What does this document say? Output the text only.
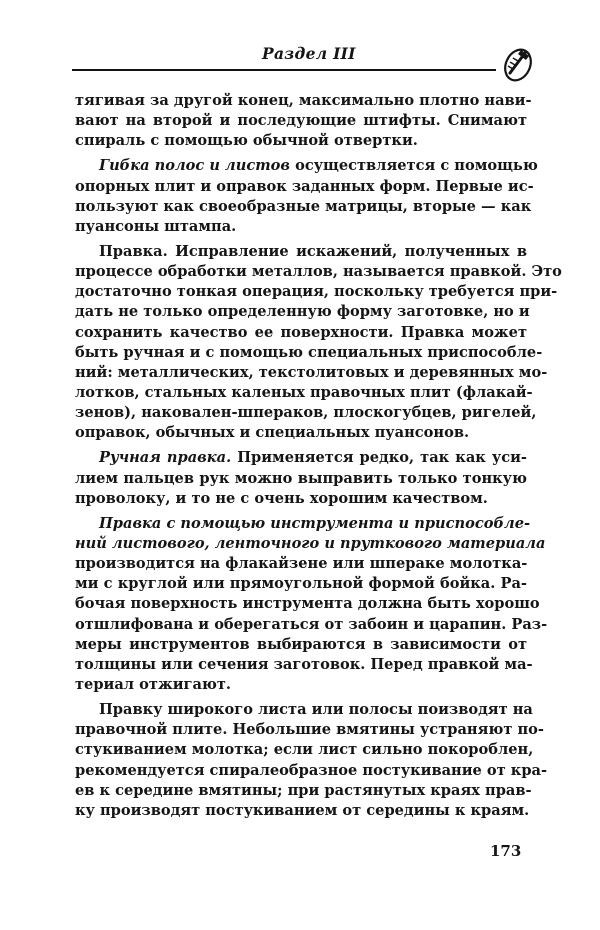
Раздел III
тягивая за другой конец, максимально плотно нави-
вают на второй и последующие штифты. Снимают
спираль с помощью обычной отвертки.
Гибка полос и листов осуществляется с помощью
опорных плит и оправок заданных форм. Первые ис-
пользуют как своеобразные матрицы, вторые — как
пуансоны штампа.
Правка. Исправление искажений, полученных в
процессе обработки металлов, называется правкой. Это
достаточно тонкая операция, поскольку требуется при-
дать не только определенную форму заготовке, но и
сохранить качество ее поверхности. Правка может
быть ручная и с помощью специальных приспособле-
ний: металлических, текстолитовых и деревянных мо-
лотков, стальных каленых правочных плит (флакай-
зенов), наковален-шпераков, плоскогубцев, ригелей,
оправок, обычных и специальных пуансонов.
Ручная правка. Применяется редко, так как уси-
лием пальцев рук можно выправить только тонкую
проволоку, и то не с очень хорошим качеством.
Правка с помощью инструмента и приспособле-
ний листового, ленточного и пруткового материала
производится на флакайзене или шпераке молотка-
ми с круглой или прямоугольной формой бойка. Ра-
бочая поверхность инструмента должна быть хорошо
отшлифована и оберегаться от забоин и царапин. Раз-
меры инструментов выбираются в зависимости от
толщины или сечения заготовок. Перед правкой ма-
териал отжигают.
Правку широкого листа или полосы поизводят на
правочной плите. Небольшие вмятины устраняют по-
стукиванием молотка; если лист сильно покороблен,
рекомендуется спиралеобразное постукивание от кра-
ев к середине вмятины; при растянутых краях прав-
ку производят постукиванием от середины к краям.
173
